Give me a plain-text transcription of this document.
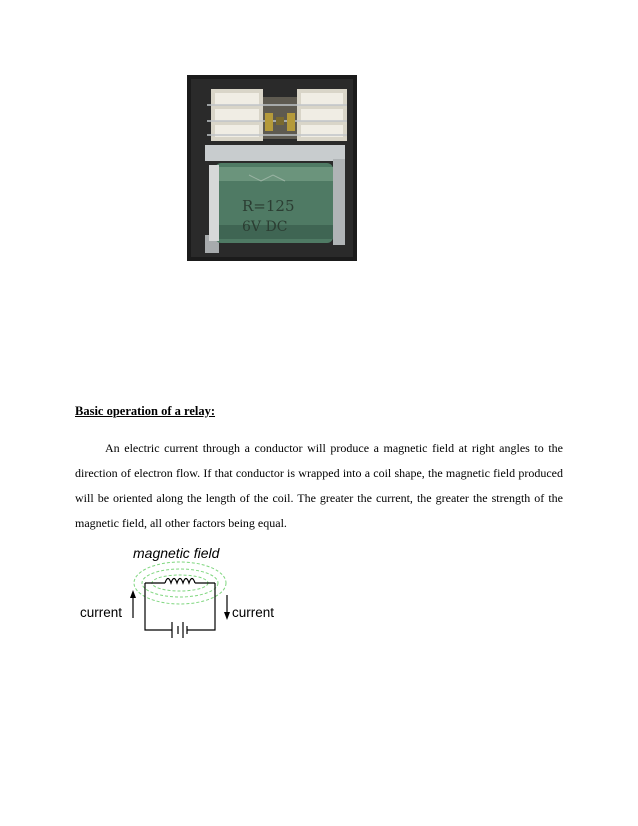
R=125
6V DC
Basic operation of a relay:

An electric current through a conductor will produce a magnetic field at right angles to the direction of electron flow. If that conductor is wrapped into a coil shape, the magnetic field produced will be oriented along the length of the coil. The greater the current, the greater the strength of the magnetic field, all other factors being equal.

magnetic field
current	current
